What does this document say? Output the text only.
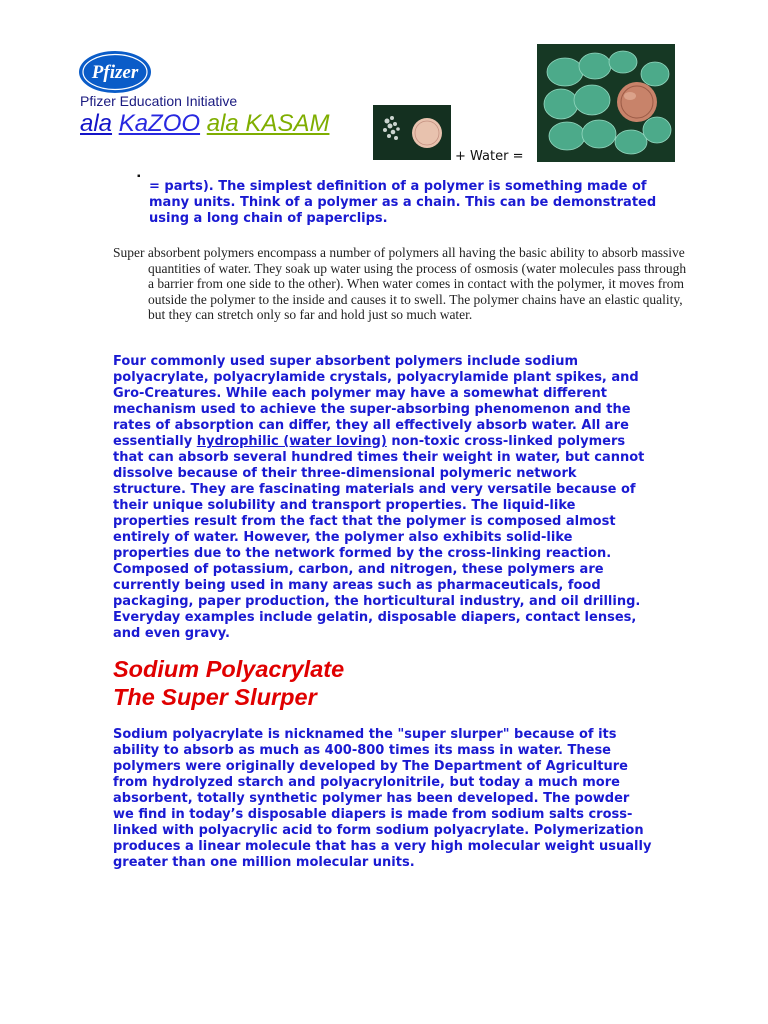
Pfizer
Pfizer Education Initiative
ala KaZOO ala KASAM
+ Water =
▪
= parts). The simplest definition of a polymer is something made of many units. Think of a polymer as a chain. This can be demonstrated using a long chain of paperclips.
Super absorbent polymers encompass a number of polymers all having the basic ability to absorb massive quantities of water. They soak up water using the process of osmosis (water molecules pass through a barrier from one side to the other). When water comes in contact with the polymer, it moves from outside the polymer to the inside and causes it to swell. The polymer chains have an elastic quality, but they can stretch only so far and hold just so much water.
Four commonly used super absorbent polymers include sodium polyacrylate, polyacrylamide crystals, polyacrylamide plant spikes, and Gro-Creatures. While each polymer may have a somewhat different mechanism used to achieve the super-absorbing phenomenon and the rates of absorption can differ, they all effectively absorb water. All are essentially hydrophilic (water loving) non-toxic cross-linked polymers that can absorb several hundred times their weight in water, but cannot dissolve because of their three-dimensional polymeric network structure. They are fascinating materials and very versatile because of their unique solubility and transport properties. The liquid-like properties result from the fact that the polymer is composed almost entirely of water. However, the polymer also exhibits solid-like properties due to the network formed by the cross-linking reaction. Composed of potassium, carbon, and nitrogen, these polymers are currently being used in many areas such as pharmaceuticals, food packaging, paper production, the horticultural industry, and oil drilling. Everyday examples include gelatin, disposable diapers, contact lenses, and even gravy.
Sodium Polyacrylate
The Super Slurper
Sodium polyacrylate is nicknamed the "super slurper" because of its ability to absorb as much as 400-800 times its mass in water. These polymers were originally developed by The Department of Agriculture from hydrolyzed starch and polyacrylonitrile, but today a much more absorbent, totally synthetic polymer has been developed. The powder we find in today’s disposable diapers is made from sodium salts cross-linked with polyacrylic acid to form sodium polyacrylate. Polymerization produces a linear molecule that has a very high molecular weight usually greater than one million molecular units.
